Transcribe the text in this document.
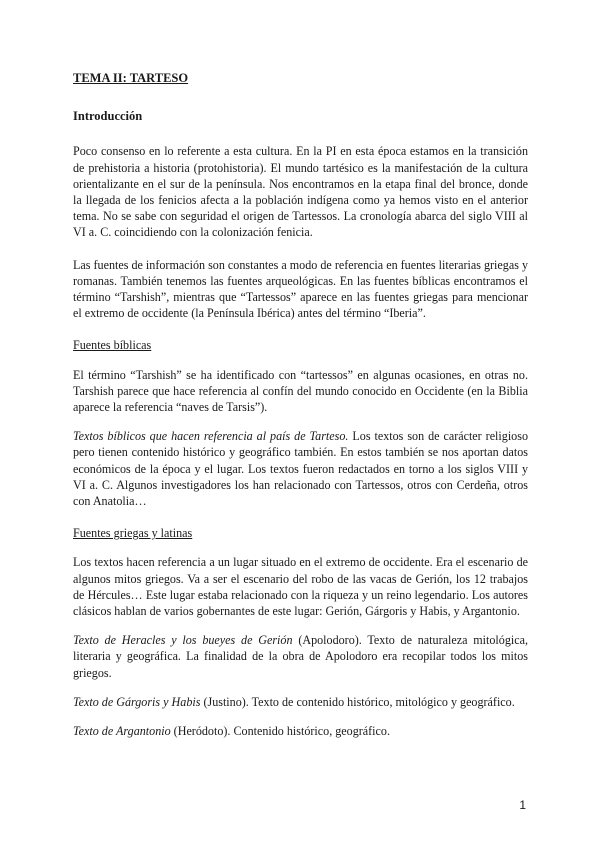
TEMA II: TARTESO
Introducción

Poco consenso en lo referente a esta cultura. En la PI en esta época estamos en la transición de prehistoria a historia (protohistoria). El mundo tartésico es la manifestación de la cultura orientalizante en el sur de la península. Nos encontramos en la etapa final del bronce, donde la llegada de los fenicios afecta a la población indígena como ya hemos visto en el anterior tema. No se sabe con seguridad el origen de Tartessos. La cronología abarca del siglo VIII al VI a. C. coincidiendo con la colonización fenicia.

Las fuentes de información son constantes a modo de referencia en fuentes literarias griegas y romanas. También tenemos las fuentes arqueológicas. En las fuentes bíblicas encontramos el término “Tarshish”, mientras que “Tartessos” aparece en las fuentes griegas para mencionar el extremo de occidente (la Península Ibérica) antes del término “Iberia”.

Fuentes bíblicas

El término “Tarshish” se ha identificado con “tartessos” en algunas ocasiones, en otras no. Tarshish parece que hace referencia al confín del mundo conocido en Occidente (en la Biblia aparece la referencia “naves de Tarsis”).

Textos bíblicos que hacen referencia al país de Tarteso. Los textos son de carácter religioso pero tienen contenido histórico y geográfico también. En estos también se nos aportan datos económicos de la época y el lugar. Los textos fueron redactados en torno a los siglos VIII y VI a. C. Algunos investigadores los han relacionado con Tartessos, otros con Cerdeña, otros con Anatolia…

Fuentes griegas y latinas

Los textos hacen referencia a un lugar situado en el extremo de occidente. Era el escenario de algunos mitos griegos. Va a ser el escenario del robo de las vacas de Gerión, los 12 trabajos de Hércules… Este lugar estaba relacionado con la riqueza y un reino legendario. Los autores clásicos hablan de varios gobernantes de este lugar: Gerión, Gárgoris y Habis, y Argantonio.

Texto de Heracles y los bueyes de Gerión (Apolodoro). Texto de naturaleza mitológica, literaria y geográfica. La finalidad de la obra de Apolodoro era recopilar todos los mitos griegos.

Texto de Gárgoris y Habis (Justino). Texto de contenido histórico, mitológico y geográfico.

Texto de Argantonio (Heródoto). Contenido histórico, geográfico.

1
